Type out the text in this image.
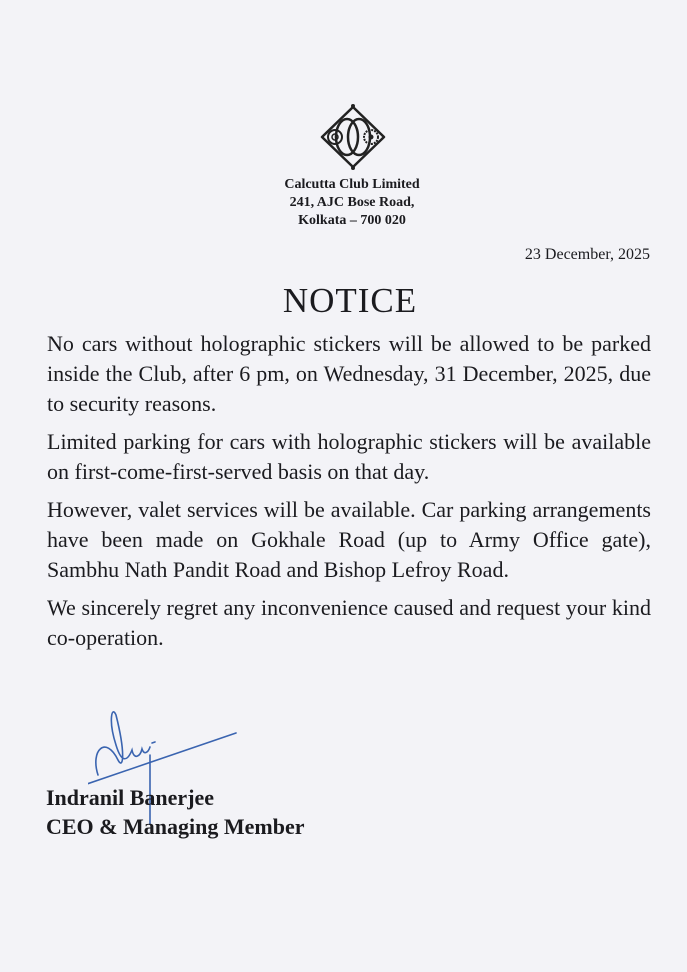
Calcutta Club Limited
241, AJC Bose Road,
Kolkata – 700 020
23 December, 2025
NOTICE

No cars without holographic stickers will be allowed to be parked inside the Club, after 6 pm, on Wednesday, 31 December, 2025, due to security reasons.

Limited parking for cars with holographic stickers will be available on first-come-first-served basis on that day.

However, valet services will be available. Car parking arrangements have been made on Gokhale Road (up to Army Office gate), Sambhu Nath Pandit Road and Bishop Lefroy Road.

We sincerely regret any inconvenience caused and request your kind co-operation.

Indranil Banerjee
CEO & Managing Member
